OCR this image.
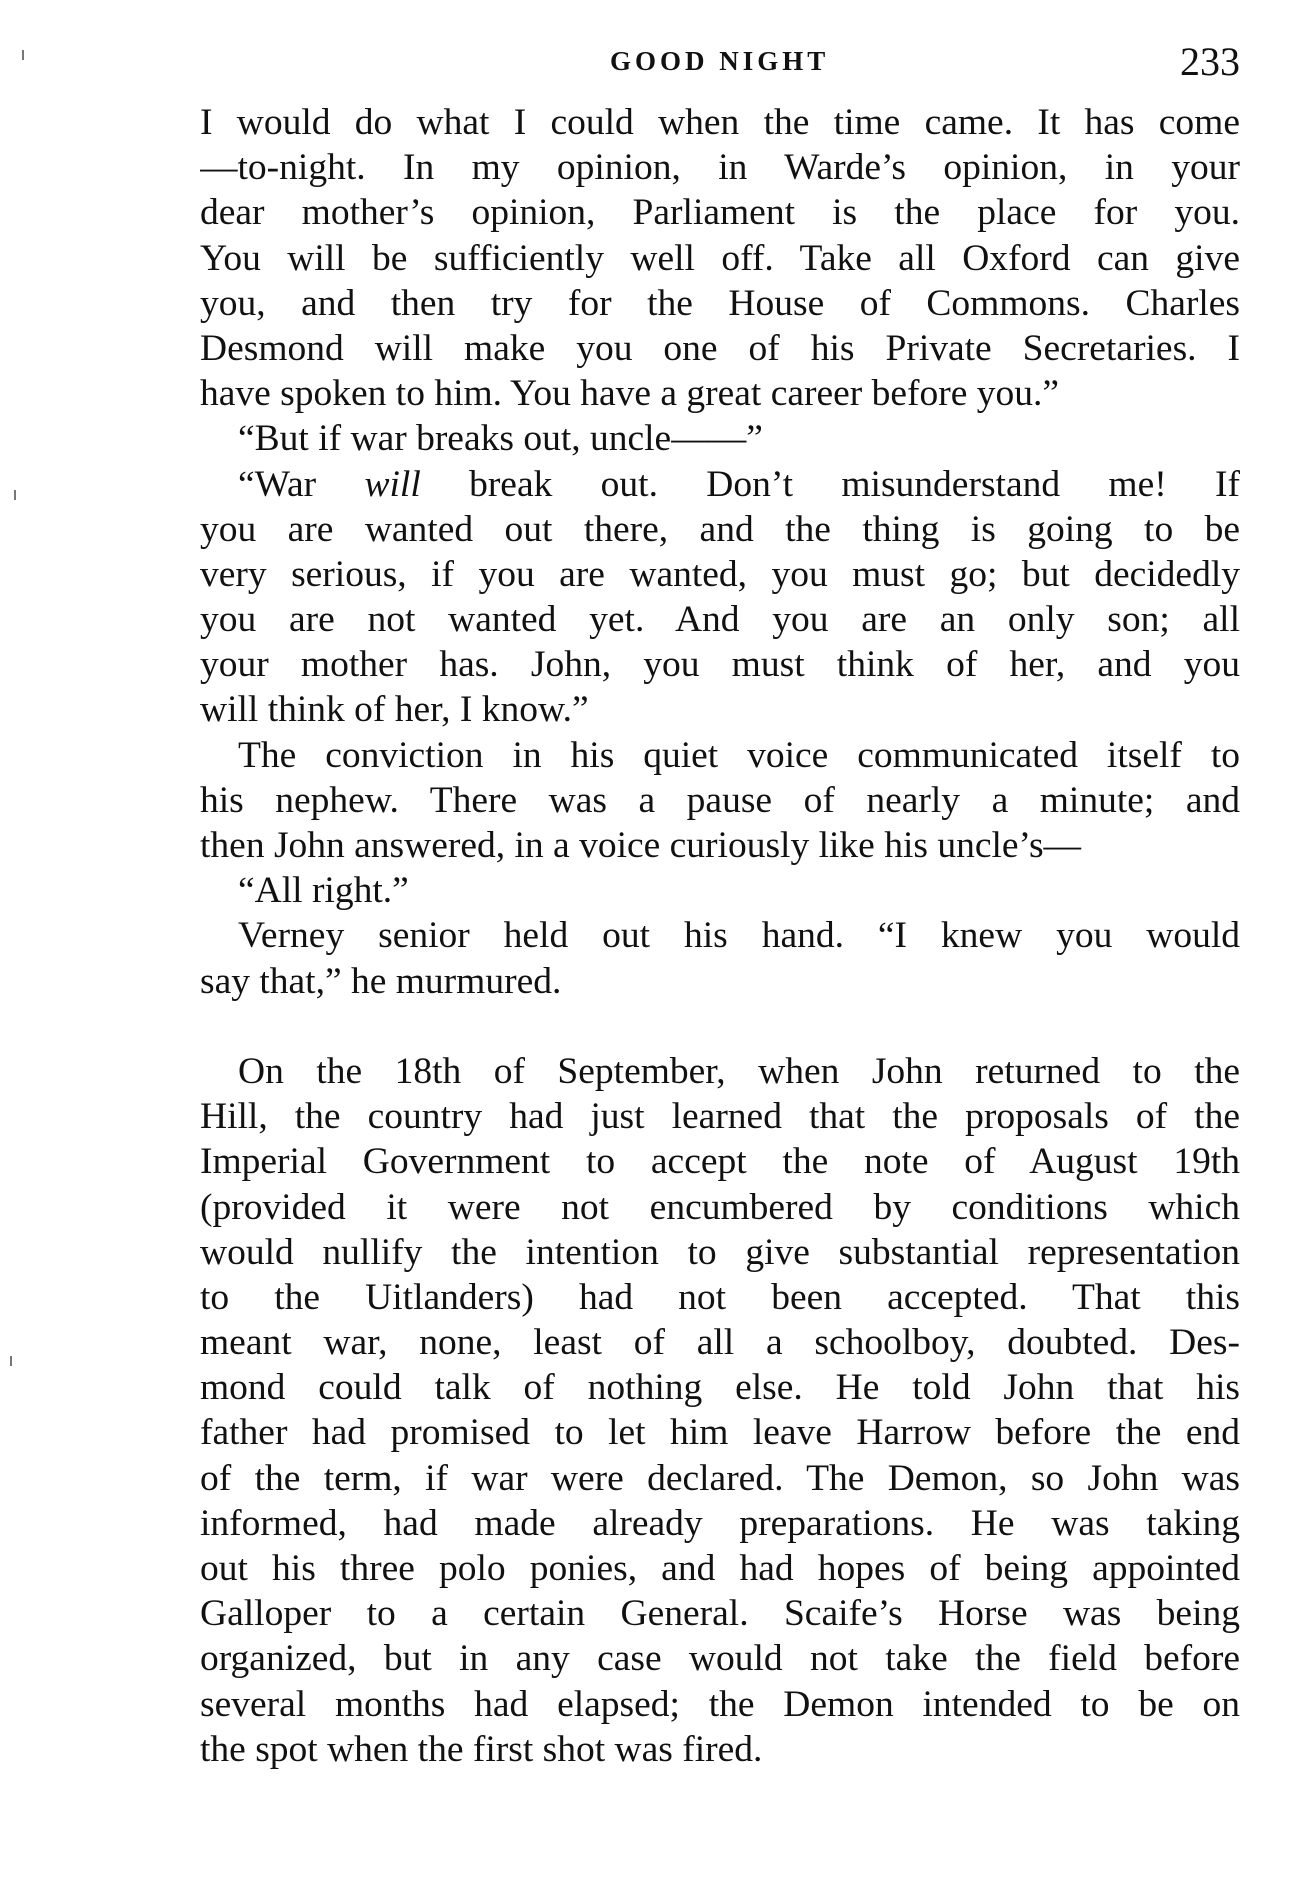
GOOD NIGHT	233
I would do what I could when the time came. It has come
—to-night. In my opinion, in Warde’s opinion, in your
dear mother’s opinion, Parliament is the place for you.
You will be sufficiently well off. Take all Oxford can give
you, and then try for the House of Commons. Charles
Desmond will make you one of his Private Secretaries. I
have spoken to him. You have a great career before you.”
“But if war breaks out, uncle——”
“War will break out. Don’t misunderstand me! If
you are wanted out there, and the thing is going to be
very serious, if you are wanted, you must go; but decidedly
you are not wanted yet. And you are an only son; all
your mother has. John, you must think of her, and you
will think of her, I know.”
The conviction in his quiet voice communicated itself to
his nephew. There was a pause of nearly a minute; and
then John answered, in a voice curiously like his uncle’s—
“All right.”
Verney senior held out his hand. “I knew you would
say that,” he murmured.
On the 18th of September, when John returned to the
Hill, the country had just learned that the proposals of the
Imperial Government to accept the note of August 19th
(provided it were not encumbered by conditions which
would nullify the intention to give substantial representation
to the Uitlanders) had not been accepted. That this
meant war, none, least of all a schoolboy, doubted. Des-
mond could talk of nothing else. He told John that his
father had promised to let him leave Harrow before the end
of the term, if war were declared. The Demon, so John was
informed, had made already preparations. He was taking
out his three polo ponies, and had hopes of being appointed
Galloper to a certain General. Scaife’s Horse was being
organized, but in any case would not take the field before
several months had elapsed; the Demon intended to be on
the spot when the first shot was fired.
